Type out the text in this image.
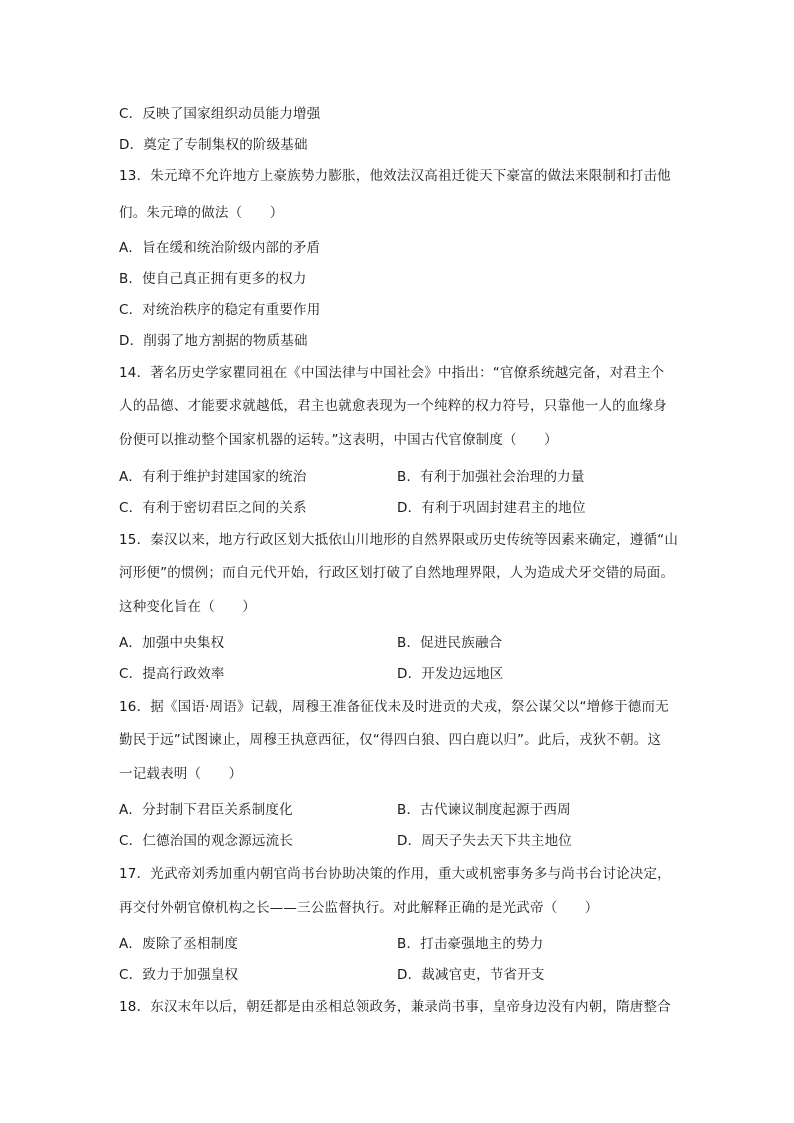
C．反映了国家组织动员能力增强
D．奠定了专制集权的阶级基础
13．朱元璋不允许地方上豪族势力膨胀，他效法汉高祖迁徙天下豪富的做法来限制和打击他
们。朱元璋的做法（　　）
A．旨在缓和统治阶级内部的矛盾
B．使自己真正拥有更多的权力
C．对统治秩序的稳定有重要作用
D．削弱了地方割据的物质基础
14．著名历史学家瞿同祖在《中国法律与中国社会》中指出：“官僚系统越完备，对君主个
人的品德、才能要求就越低，君主也就愈表现为一个纯粹的权力符号，只靠他一人的血缘身
份便可以推动整个国家机器的运转。”这表明，中国古代官僚制度（　　）
A．有利于维护封建国家的统治	B．有利于加强社会治理的力量
C．有利于密切君臣之间的关系	D．有利于巩固封建君主的地位
15．秦汉以来，地方行政区划大抵依山川地形的自然界限或历史传统等因素来确定，遵循“山
河形便”的惯例；而自元代开始，行政区划打破了自然地理界限，人为造成犬牙交错的局面。
这种变化旨在（　　）
A．加强中央集权	B．促进民族融合
C．提高行政效率	D．开发边远地区
16．据《国语·周语》记载，周穆王准备征伐未及时进贡的犬戎，祭公谋父以“增修于德而无
勤民于远”试图谏止，周穆王执意西征，仅“得四白狼、四白鹿以归”。此后，戎狄不朝。这
一记载表明（　　）
A．分封制下君臣关系制度化	B．古代谏议制度起源于西周
C．仁德治国的观念源远流长	D．周天子失去天下共主地位
17．光武帝刘秀加重内朝官尚书台协助决策的作用，重大或机密事务多与尚书台讨论决定，
再交付外朝官僚机构之长——三公监督执行。对此解释正确的是光武帝（　　）
A．废除了丞相制度	B．打击豪强地主的势力
C．致力于加强皇权	D．裁减官吏，节省开支
18．东汉末年以后，朝廷都是由丞相总领政务，兼录尚书事，皇帝身边没有内朝，隋唐整合
